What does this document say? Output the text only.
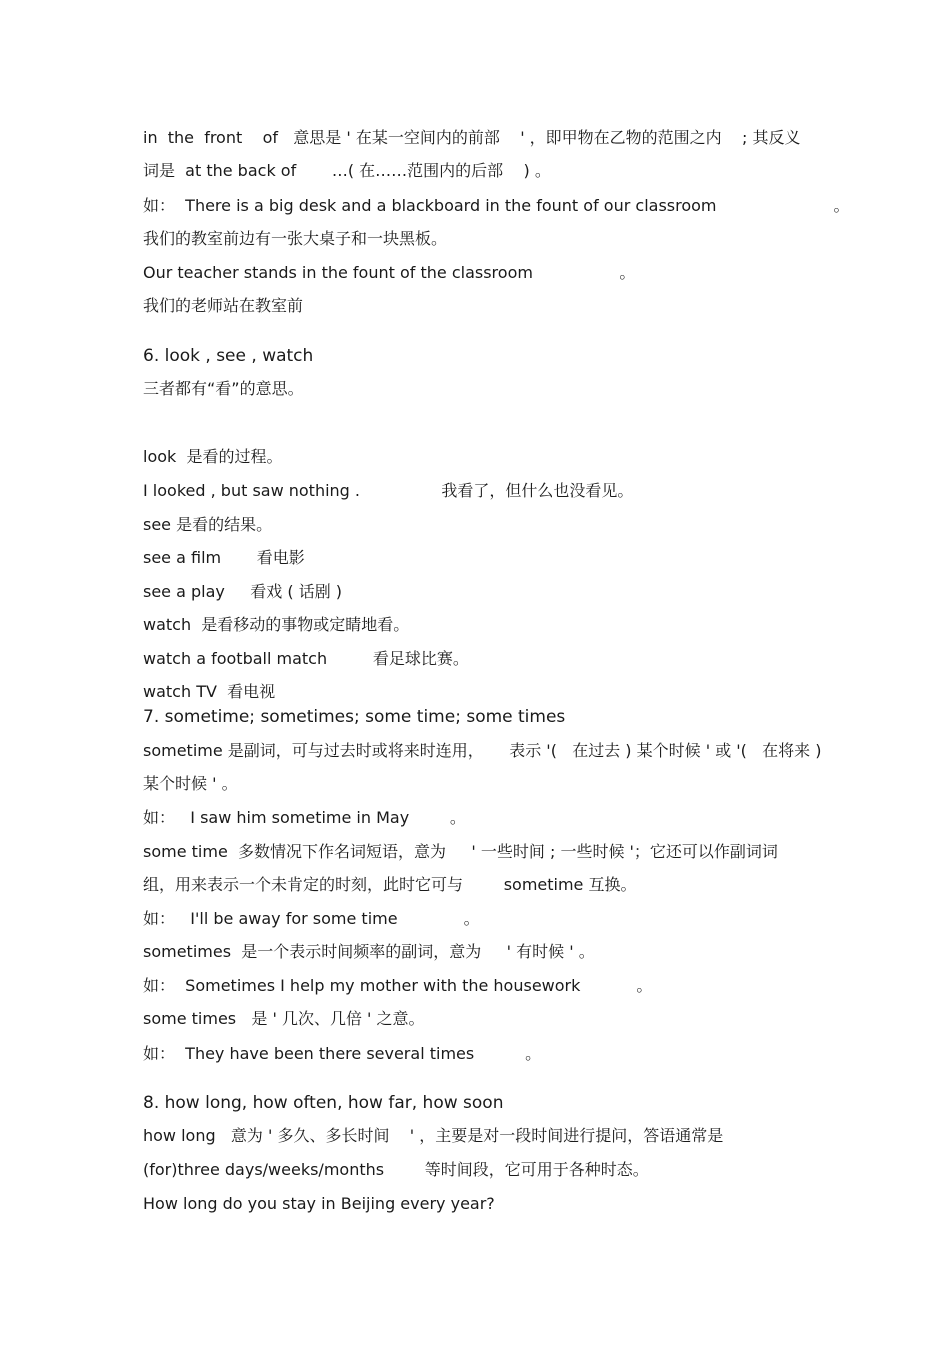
in  the  front    of   意思是 ' 在某一空间内的前部    ' ，即甲物在乙物的范围之内    ; 其反义
词是  at the back of       …( 在……范围内的后部    ) 。
如：  There is a big desk and a blackboard in the fount of our classroom                       。
我们的教室前边有一张大桌子和一块黑板。
Our teacher stands in the fount of the classroom                 。
我们的老师站在教室前
6. look , see , watch
三者都有“看”的意思。
look  是看的过程。
I looked , but saw nothing .                我看了，但什么也没看见。
see 是看的结果。
see a film       看电影
see a play     看戏 ( 话剧 )
watch  是看移动的事物或定睛地看。
watch a football match         看足球比赛。
watch TV  看电视
7. sometime; sometimes; some time; some times
sometime 是副词，可与过去时或将来时连用，     表示 '(   在过去 ) 某个时候 ' 或 '(   在将来 )
某个时候 ' 。
如：   I saw him sometime in May        。
some time  多数情况下作名词短语，意为     ' 一些时间 ; 一些时候 '；它还可以作副词词
组，用来表示一个未肯定的时刻，此时它可与        sometime 互换。
如：   I'll be away for some time             。
sometimes  是一个表示时间频率的副词，意为     ' 有时候 ' 。
如：  Sometimes I help my mother with the housework           。
some times   是 ' 几次、几倍 ' 之意。
如：  They have been there several times          。
8. how long, how often, how far, how soon
how long   意为 ' 多久、多长时间    ' ，主要是对一段时间进行提问，答语通常是
(for)three days/weeks/months        等时间段，它可用于各种时态。
How long do you stay in Beijing every year?
